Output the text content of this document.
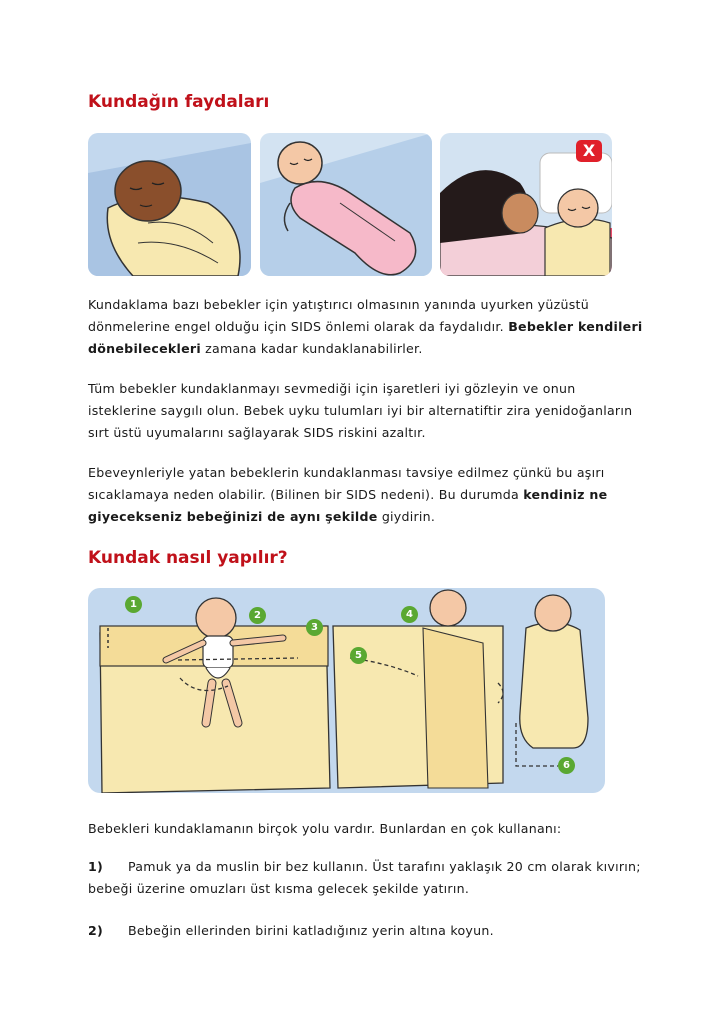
Kundağın faydaları
X
Kundaklama bazı bebekler için yatıştırıcı olmasının yanında uyurken yüzüstü dönmelerine engel olduğu için SIDS önlemi olarak da faydalıdır. Bebekler kendileri dönebilecekleri zamana kadar kundaklanabilirler.
Tüm bebekler kundaklanmayı sevmediği için işaretleri iyi gözleyin ve onun isteklerine saygılı olun. Bebek uyku tulumları iyi bir alternatiftir zira yenidoğanların sırt üstü uyumalarını sağlayarak SIDS riskini azaltır.
Ebeveynleriyle yatan bebeklerin kundaklanması tavsiye edilmez çünkü bu aşırı sıcaklamaya neden olabilir. (Bilinen bir SIDS nedeni). Bu durumda kendiniz ne giyecekseniz bebeğinizi de aynı şekilde giydirin.
Kundak nasıl yapılır?
1
2
3
4
5
6
Bebekleri kundaklamanın birçok yolu vardır. Bunlardan en çok kullananı:
1) Pamuk ya da muslin bir bez kullanın. Üst tarafını yaklaşık 20 cm olarak kıvırın; bebeği üzerine omuzları üst kısma gelecek şekilde yatırın.
2) Bebeğin ellerinden birini katladığınız yerin altına koyun.
